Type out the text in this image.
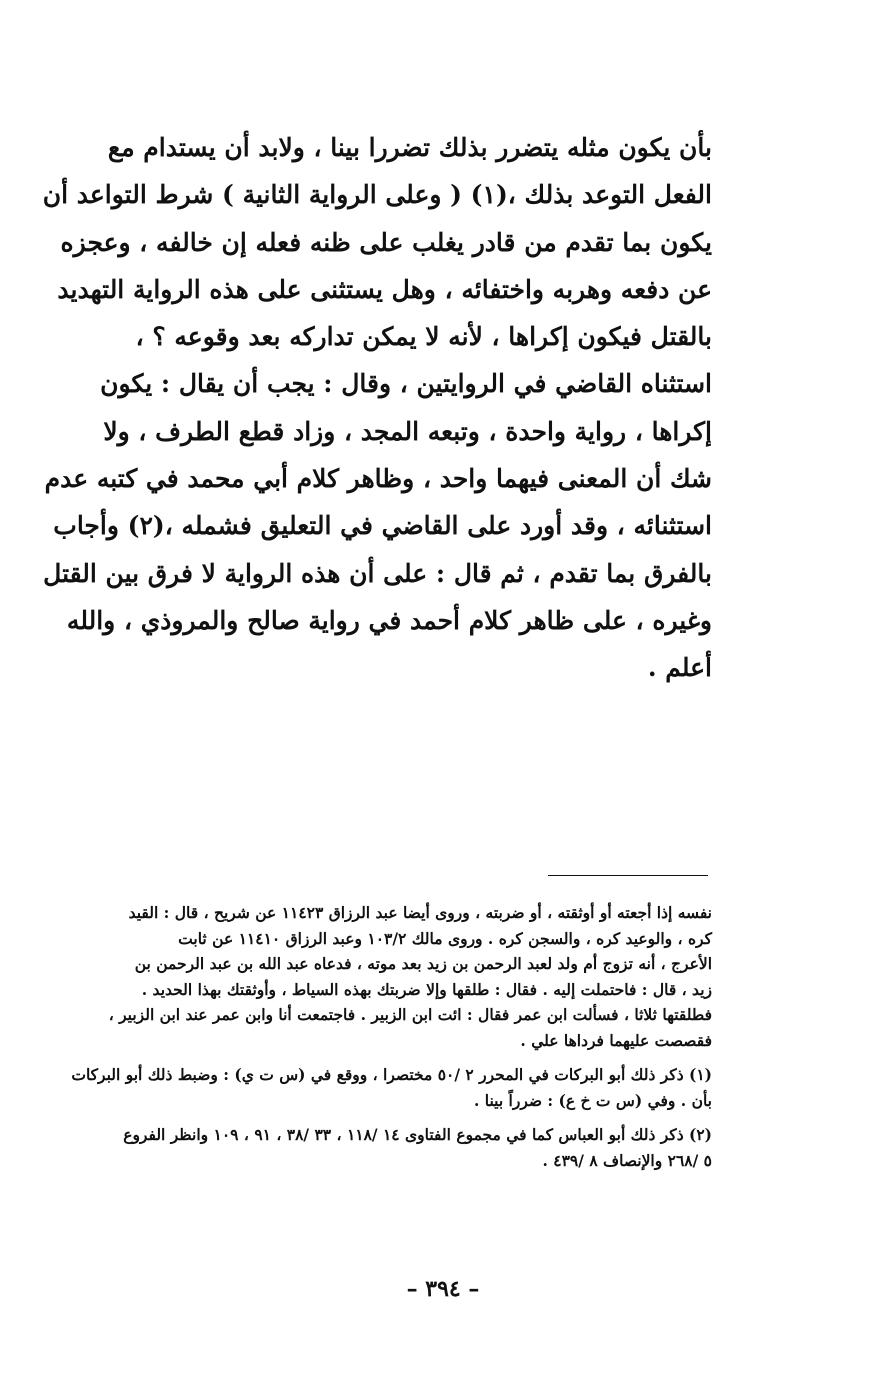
بأن يكون مثله يتضرر بذلك تضررا بينا ، ولابد أن يستدام مع
الفعل التوعد بذلك ،(١) ( وعلى الرواية الثانية ) شرط التواعد أن
يكون بما تقدم من قادر يغلب على ظنه فعله إن خالفه ، وعجزه
عن دفعه وهربه واختفائه ، وهل يستثنى على هذه الرواية التهديد
بالقتل فيكون إكراها ، لأنه لا يمكن تداركه بعد وقوعه ؟ ،
استثناه القاضي في الروايتين ، وقال : يجب أن يقال : يكون
إكراها ، رواية واحدة ، وتبعه المجد ، وزاد قطع الطرف ، ولا
شك أن المعنى فيهما واحد ، وظاهر كلام أبي محمد في كتبه عدم
استثنائه ، وقد أورد على القاضي في التعليق فشمله ،(٢) وأجاب
بالفرق بما تقدم ، ثم قال : على أن هذه الرواية لا فرق بين القتل
وغيره ، على ظاهر كلام أحمد في رواية صالح والمروذي ، والله
أعلم .
نفسه إذا أجعته أو أوثقته ، أو ضربته ، وروى أيضا عبد الرزاق ١١٤٢٣ عن شريح ، قال : القيد
كره ، والوعيد كره ، والسجن كره . وروى مالك ١٠٣/٢ وعبد الرزاق ١١٤١٠ عن ثابت
الأعرج ، أنه تزوج أم ولد لعبد الرحمن بن زيد بعد موته ، فدعاه عبد الله بن عبد الرحمن بن
زيد ، قال : فاحتملت إليه . فقال : طلقها وإلا ضربتك بهذه السياط ، وأوثقتك بهذا الحديد .
فطلقتها ثلاثا ، فسألت ابن عمر فقال : ائت ابن الزبير . فاجتمعت أنا وابن عمر عند ابن الزبير ،
فقصصت عليهما فرداها علي .
(١) ذكر ذلك أبو البركات في المحرر ٢ /٥٠ مختصرا ، ووقع في (س ت ي) : وضبط ذلك أبو البركات
بأن . وفي (س ت خ ع) : ضرراً بينا .
(٢) ذكر ذلك أبو العباس كما في مجموع الفتاوى ١٤ /١١٨ ، ٣٣ /٣٨ ، ٩١ ، ١٠٩ وانظر الفروع
٥ /٢٦٨ والإنصاف ٨ /٤٣٩ .
– ٣٩٤ –
